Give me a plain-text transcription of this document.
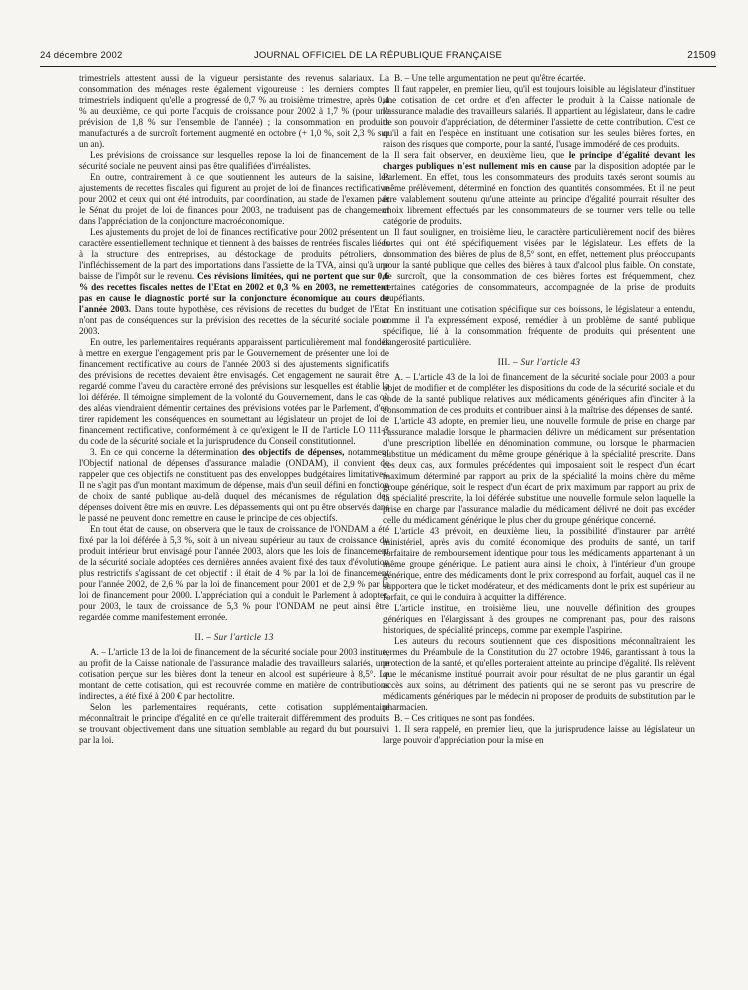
24 décembre 2002	JOURNAL OFFICIEL DE LA RÉPUBLIQUE FRANÇAISE	21509

trimestriels attestent aussi de la vigueur persistante des revenus salariaux. La consommation des ménages reste également vigoureuse : les derniers comptes trimestriels indiquent qu'elle a progressé de 0,7 % au troisième trimestre, après 0,4 % au deuxième, ce qui porte l'acquis de croissance pour 2002 à 1,7 % (pour une prévision de 1,8 % sur l'ensemble de l'année) ; la consommation en produits manufacturés a de surcroît fortement augmenté en octobre (+ 1,0 %, soit 2,3 % sur un an).

Les prévisions de croissance sur lesquelles repose la loi de financement de la sécurité sociale ne peuvent ainsi pas être qualifiées d'irréalistes.

En outre, contrairement à ce que soutiennent les auteurs de la saisine, les ajustements de recettes fiscales qui figurent au projet de loi de finances rectificative pour 2002 et ceux qui ont été introduits, par coordination, au stade de l'examen par le Sénat du projet de loi de finances pour 2003, ne traduisent pas de changement dans l'appréciation de la conjoncture macroéconomique.

Les ajustements du projet de loi de finances rectificative pour 2002 présentent un caractère essentiellement technique et tiennent à des baisses de rentrées fiscales liées à la structure des entreprises, au déstockage de produits pétroliers, à l'infléchissement de la part des importations dans l'assiette de la TVA, ainsi qu'à une baisse de l'impôt sur le revenu. Ces révisions limitées, qui ne portent que sur 0,6 % des recettes fiscales nettes de l'Etat en 2002 et 0,3 % en 2003, ne remettent pas en cause le diagnostic porté sur la conjoncture économique au cours de l'année 2003. Dans toute hypothèse, ces révisions de recettes du budget de l'Etat n'ont pas de conséquences sur la prévision des recettes de la sécurité sociale pour 2003.

En outre, les parlementaires requérants apparaissent particulièrement mal fondés à mettre en exergue l'engagement pris par le Gouvernement de présenter une loi de financement rectificative au cours de l'année 2003 si des ajustements significatifs des prévisions de recettes devaient être envisagés. Cet engagement ne saurait être regardé comme l'aveu du caractère erroné des prévisions sur lesquelles est établie la loi déférée. Il témoigne simplement de la volonté du Gouvernement, dans le cas où des aléas viendraient démentir certaines des prévisions votées par le Parlement, d'en tirer rapidement les conséquences en soumettant au législateur un projet de loi de financement rectificative, conformément à ce qu'exigent le II de l'article LO 111-3 du code de la sécurité sociale et la jurisprudence du Conseil constitutionnel.

3. En ce qui concerne la détermination des objectifs de dépenses, notamment l'Objectif national de dépenses d'assurance maladie (ONDAM), il convient de rappeler que ces objectifs ne constituent pas des enveloppes budgétaires limitatives. Il ne s'agit pas d'un montant maximum de dépense, mais d'un seuil défini en fonction de choix de santé publique au-delà duquel des mécanismes de régulation des dépenses doivent être mis en œuvre. Les dépassements qui ont pu être observés dans le passé ne peuvent donc remettre en cause le principe de ces objectifs.

En tout état de cause, on observera que le taux de croissance de l'ONDAM a été fixé par la loi déférée à 5,3 %, soit à un niveau supérieur au taux de croissance du produit intérieur brut envisagé pour l'année 2003, alors que les lois de financement de la sécurité sociale adoptées ces dernières années avaient fixé des taux d'évolution plus restrictifs s'agissant de cet objectif : il était de 4 % par la loi de financement pour l'année 2002, de 2,6 % par la loi de financement pour 2001 et de 2,9 % par la loi de financement pour 2000. L'appréciation qui a conduit le Parlement à adopter, pour 2003, le taux de croissance de 5,3 % pour l'ONDAM ne peut ainsi être regardée comme manifestement erronée.

II. – Sur l'article 13

A. – L'article 13 de la loi de financement de la sécurité sociale pour 2003 institue, au profit de la Caisse nationale de l'assurance maladie des travailleurs salariés, une cotisation perçue sur les bières dont la teneur en alcool est supérieure à 8,5°. Le montant de cette cotisation, qui est recouvrée comme en matière de contributions indirectes, a été fixé à 200 € par hectolitre.

Selon les parlementaires requérants, cette cotisation supplémentaire méconnaîtrait le principe d'égalité en ce qu'elle traiterait différemment des produits se trouvant objectivement dans une situation semblable au regard du but poursuivi par la loi.

B. – Une telle argumentation ne peut qu'être écartée.

Il faut rappeler, en premier lieu, qu'il est toujours loisible au législateur d'instituer une cotisation de cet ordre et d'en affecter le produit à la Caisse nationale de l'assurance maladie des travailleurs salariés. Il appartient au législateur, dans le cadre de son pouvoir d'appréciation, de déterminer l'assiette de cette contribution. C'est ce qu'il a fait en l'espèce en instituant une cotisation sur les seules bières fortes, en raison des risques que comporte, pour la santé, l'usage immodéré de ces produits.

Il sera fait observer, en deuxième lieu, que le principe d'égalité devant les charges publiques n'est nullement mis en cause par la disposition adoptée par le Parlement. En effet, tous les consommateurs des produits taxés seront soumis au même prélèvement, déterminé en fonction des quantités consommées. Et il ne peut être valablement soutenu qu'une atteinte au principe d'égalité pourrait résulter des choix librement effectués par les consommateurs de se tourner vers telle ou telle catégorie de produits.

Il faut souligner, en troisième lieu, le caractère particulièrement nocif des bières fortes qui ont été spécifiquement visées par le législateur. Les effets de la consommation des bières de plus de 8,5° sont, en effet, nettement plus préoccupants pour la santé publique que celles des bières à taux d'alcool plus faible. On constate, de surcroît, que la consommation de ces bières fortes est fréquemment, chez certaines catégories de consommateurs, accompagnée de la prise de produits stupéfiants.

En instituant une cotisation spécifique sur ces boissons, le législateur a entendu, comme il l'a expressément exposé, remédier à un problème de santé publique spécifique, lié à la consommation fréquente de produits qui présentent une dangerosité particulière.

III. – Sur l'article 43

A. – L'article 43 de la loi de financement de la sécurité sociale pour 2003 a pour objet de modifier et de compléter les dispositions du code de la sécurité sociale et du code de la santé publique relatives aux médicaments génériques afin d'inciter à la consommation de ces produits et contribuer ainsi à la maîtrise des dépenses de santé.

L'article 43 adopte, en premier lieu, une nouvelle formule de prise en charge par l'assurance maladie lorsque le pharmacien délivre un médicament sur présentation d'une prescription libellée en dénomination commune, ou lorsque le pharmacien substitue un médicament du même groupe générique à la spécialité prescrite. Dans ces deux cas, aux formules précédentes qui imposaient soit le respect d'un écart maximum déterminé par rapport au prix de la spécialité la moins chère du même groupe générique, soit le respect d'un écart de prix maximum par rapport au prix de la spécialité prescrite, la loi déférée substitue une nouvelle formule selon laquelle la prise en charge par l'assurance maladie du médicament délivré ne doit pas excéder celle du médicament générique le plus cher du groupe générique concerné.

L'article 43 prévoit, en deuxième lieu, la possibilité d'instaurer par arrêté ministériel, après avis du comité économique des produits de santé, un tarif forfaitaire de remboursement identique pour tous les médicaments appartenant à un même groupe générique. Le patient aura ainsi le choix, à l'intérieur d'un groupe générique, entre des médicaments dont le prix correspond au forfait, auquel cas il ne supportera que le ticket modérateur, et des médicaments dont le prix est supérieur au forfait, ce qui le conduira à acquitter la différence.

L'article institue, en troisième lieu, une nouvelle définition des groupes génériques en l'élargissant à des groupes ne comprenant pas, pour des raisons historiques, de spécialité princeps, comme par exemple l'aspirine.

Les auteurs du recours soutiennent que ces dispositions méconnaîtraient les termes du Préambule de la Constitution du 27 octobre 1946, garantissant à tous la protection de la santé, et qu'elles porteraient atteinte au principe d'égalité. Ils relèvent que le mécanisme institué pourrait avoir pour résultat de ne plus garantir un égal accès aux soins, au détriment des patients qui ne se seront pas vu prescrire de médicaments génériques par le médecin ni proposer de produits de substitution par le pharmacien.

B. – Ces critiques ne sont pas fondées.

1. Il sera rappelé, en premier lieu, que la jurisprudence laisse au législateur un large pouvoir d'appréciation pour la mise en
